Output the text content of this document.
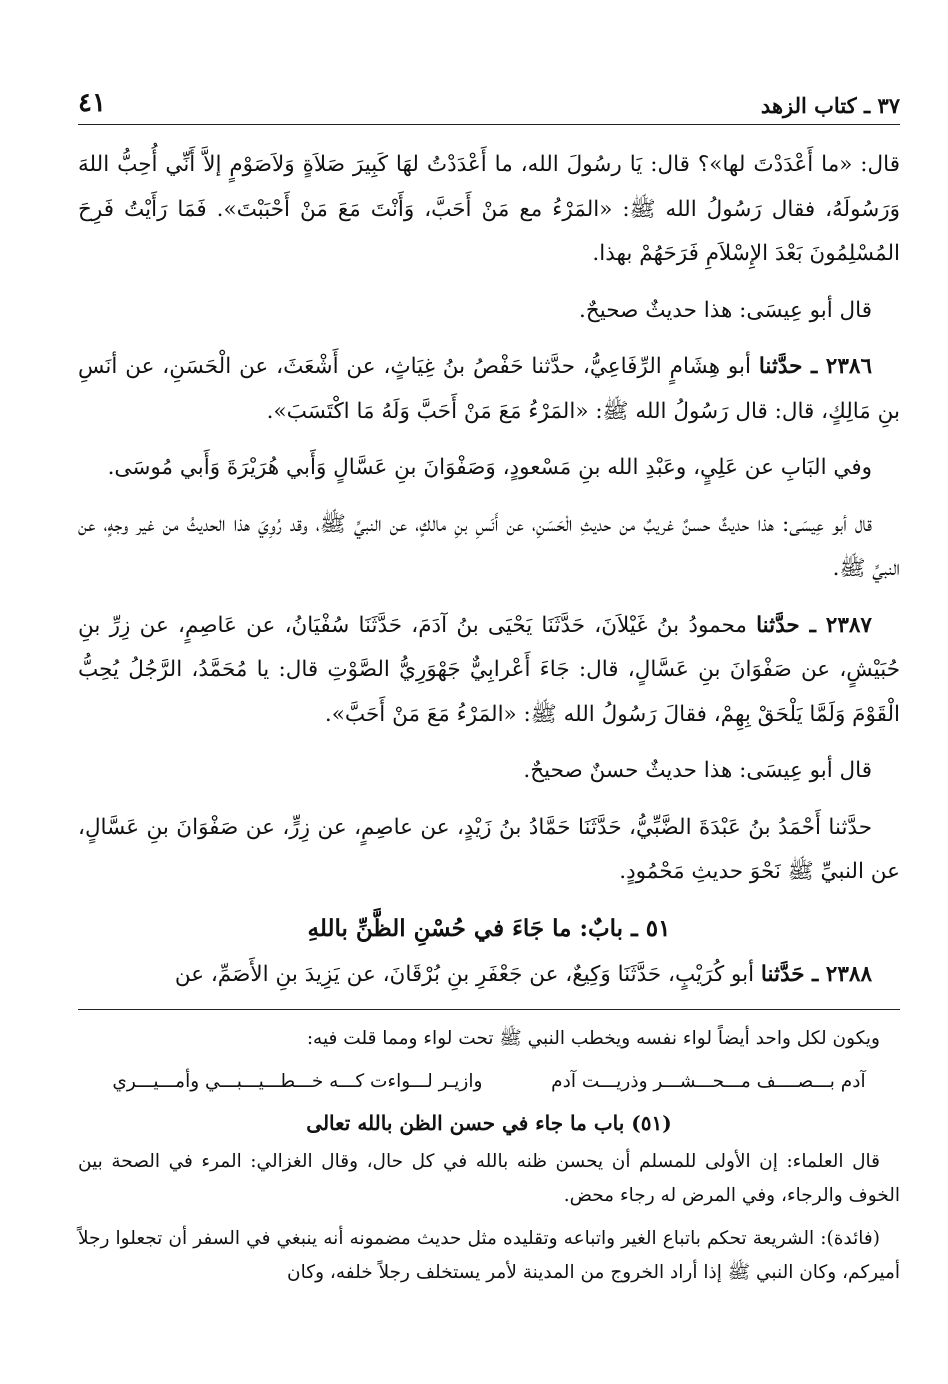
٣٧ ـ كتاب الزهد
٤١

قال: «ما أَعْدَدْتَ لها»؟ قال: يَا رسُولَ الله، ما أَعْدَدْتُ لهَا كَبِيرَ صَلاَةٍ وَلاَصَوْمٍ إلاَّ أَنِّي أُحِبُّ اللهَ وَرَسُولَهُ، فقال رَسُولُ الله ﷺ: «المَرْءُ مع مَنْ أَحَبَّ، وَأَنْتَ مَعَ مَنْ أَحْبَبْتَ». فَمَا رَأَيْتُ فَرِحَ المُسْلِمُونَ بَعْدَ الإِسْلاَمِ فَرَحَهُمْ بهذا.

قال أبو عِيسَى: هذا حديثٌ صحيحٌ.

٢٣٨٦ ـ حدَّثنا أبو هِشَامٍ الرِّفَاعِيُّ، حدَّثنا حَفْصُ بنُ غِيَاثٍ، عن أَشْعَثَ، عن الْحَسَنِ، عن أنَسِ بنِ مَالِكٍ، قال: قال رَسُولُ الله ﷺ: «المَرْءُ مَعَ مَنْ أَحَبَّ وَلَهُ مَا اكْتَسَبَ».

وفي البَابِ عن عَلِيٍ، وعَبْدِ الله بنِ مَسْعودٍ، وَصَفْوَانَ بنِ عَسَّالٍ وَأَبي هُرَيْرَةَ وَأَبي مُوسَى.

قال أبو عِيسَى: هذا حديثٌ حسنٌ غريبٌ من حديثِ الْحَسَنِ، عن أَنَسِ بنِ مالكٍ، عن النبيِّ ﷺ، وقد رُوِيَ هذا الحديثُ من غير وجهٍ، عن النبيِّ ﷺ.

٢٣٨٧ ـ حدَّثنا محمودُ بنُ غَيْلاَنَ، حَدَّثَنَا يَحْيَى بنُ آدَمَ، حَدَّثَنَا سُفْيَانُ، عن عَاصِمٍ، عن زِرِّ بنِ حُبَيْشٍ، عن صَفْوَانَ بنِ عَسَّالٍ، قال: جَاءَ أَعْرابِيٌّ جَهْوَرِيُّ الصَّوْتِ قال: يا مُحَمَّدُ، الرَّجُلُ يُحِبُّ الْقَوْمَ وَلَمَّا يَلْحَقْ بِهِمْ، فقالَ رَسُولُ الله ﷺ: «المَرْءُ مَعَ مَنْ أَحَبَّ».

قال أبو عِيسَى: هذا حديثٌ حسنٌ صحيحٌ.

حدَّثنا أَحْمَدُ بنُ عَبْدَةَ الضَّبِّيُّ، حَدَّثَنَا حَمَّادُ بنُ زَيْدٍ، عن عاصِمٍ، عن زِرٍّ، عن صَفْوَانَ بنِ عَسَّالٍ، عن النبيِّ ﷺ نَحْوَ حديثِ مَحْمُودٍ.

٥١ ـ بابٌ: ما جَاءَ في حُسْنِ الظَّنِّ باللهِ

٢٣٨٨ ـ حَدَّثنا أبو كُرَيْبٍ، حَدَّثَنَا وَكِيعٌ، عن جَعْفَرِ بنِ بُرْقَانَ، عن يَزِيدَ بنِ الأَصَمِّ، عن

ويكون لكل واحد أيضاً لواء نفسه ويخطب النبي ﷺ تحت لواء ومما قلت فيه:

آدم بـــصــــف مـــحـــشـــر وذريـــت آدم
وازيـر لـــواءت كـــه خـــطـــيـــبـــي وأمـــيـــري
(٥١) باب ما جاء في حسن الظن بالله تعالى

قال العلماء: إن الأولى للمسلم أن يحسن ظنه بالله في كل حال، وقال الغزالي: المرء في الصحة بين الخوف والرجاء، وفي المرض له رجاء محض.

(فائدة): الشريعة تحكم باتباع الغير واتباعه وتقليده مثل حديث مضمونه أنه ينبغي في السفر أن تجعلوا رجلاً أميركم، وكان النبي ﷺ إذا أراد الخروج من المدينة لأمر يستخلف رجلاً خلفه، وكان
